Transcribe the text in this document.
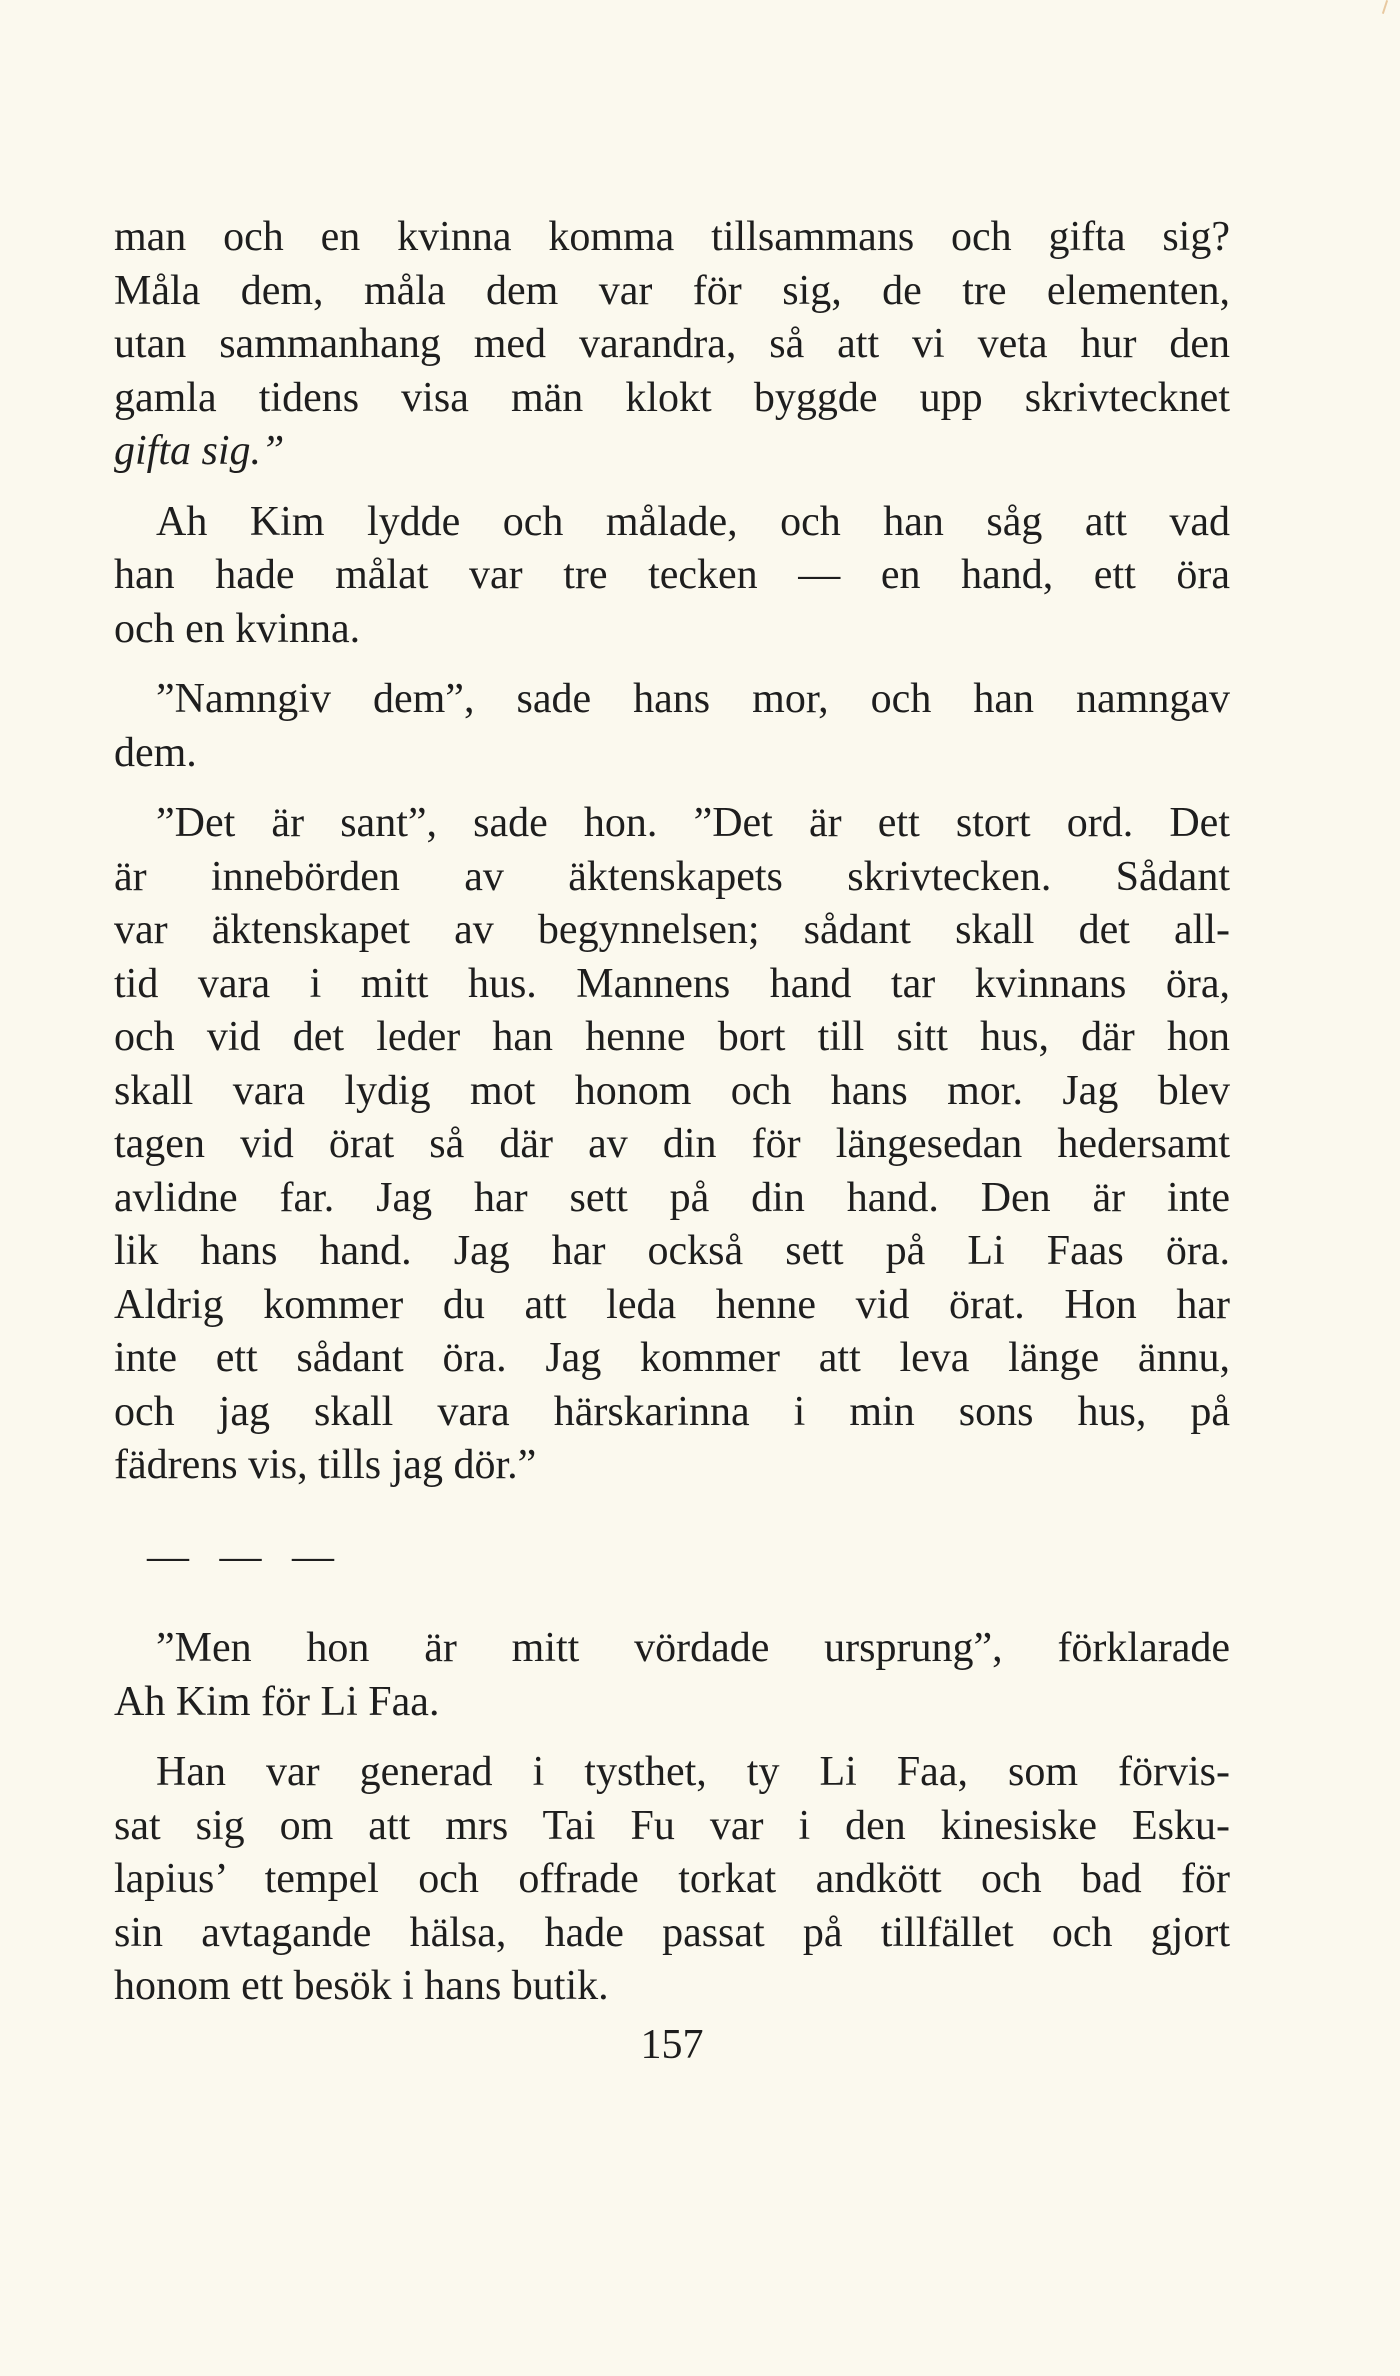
man och en kvinna komma tillsammans och gifta sig?
Måla dem, måla dem var för sig, de tre elementen,
utan sammanhang med varandra, så att vi veta hur den
gamla tidens visa män klokt byggde upp skrivtecknet
gifta sig.”

Ah Kim lydde och målade, och han såg att vad
han hade målat var tre tecken — en hand, ett öra
och en kvinna.

”Namngiv dem”, sade hans mor, och han namngav
dem.

”Det är sant”, sade hon. ”Det är ett stort ord. Det
är innebörden av äktenskapets skrivtecken. Sådant
var äktenskapet av begynnelsen; sådant skall det all-
tid vara i mitt hus. Mannens hand tar kvinnans öra,
och vid det leder han henne bort till sitt hus, där hon
skall vara lydig mot honom och hans mor. Jag blev
tagen vid örat så där av din för längesedan hedersamt
avlidne far. Jag har sett på din hand. Den är inte
lik hans hand. Jag har också sett på Li Faas öra.
Aldrig kommer du att leda henne vid örat. Hon har
inte ett sådant öra. Jag kommer att leva länge ännu,
och jag skall vara härskarinna i min sons hus, på
fädrens vis, tills jag dör.”

— — —

”Men hon är mitt vördade ursprung”, förklarade
Ah Kim för Li Faa.

Han var generad i tysthet, ty Li Faa, som förvis-
sat sig om att mrs Tai Fu var i den kinesiske Esku-
lapius’ tempel och offrade torkat andkött och bad för
sin avtagande hälsa, hade passat på tillfället och gjort
honom ett besök i hans butik.

157
